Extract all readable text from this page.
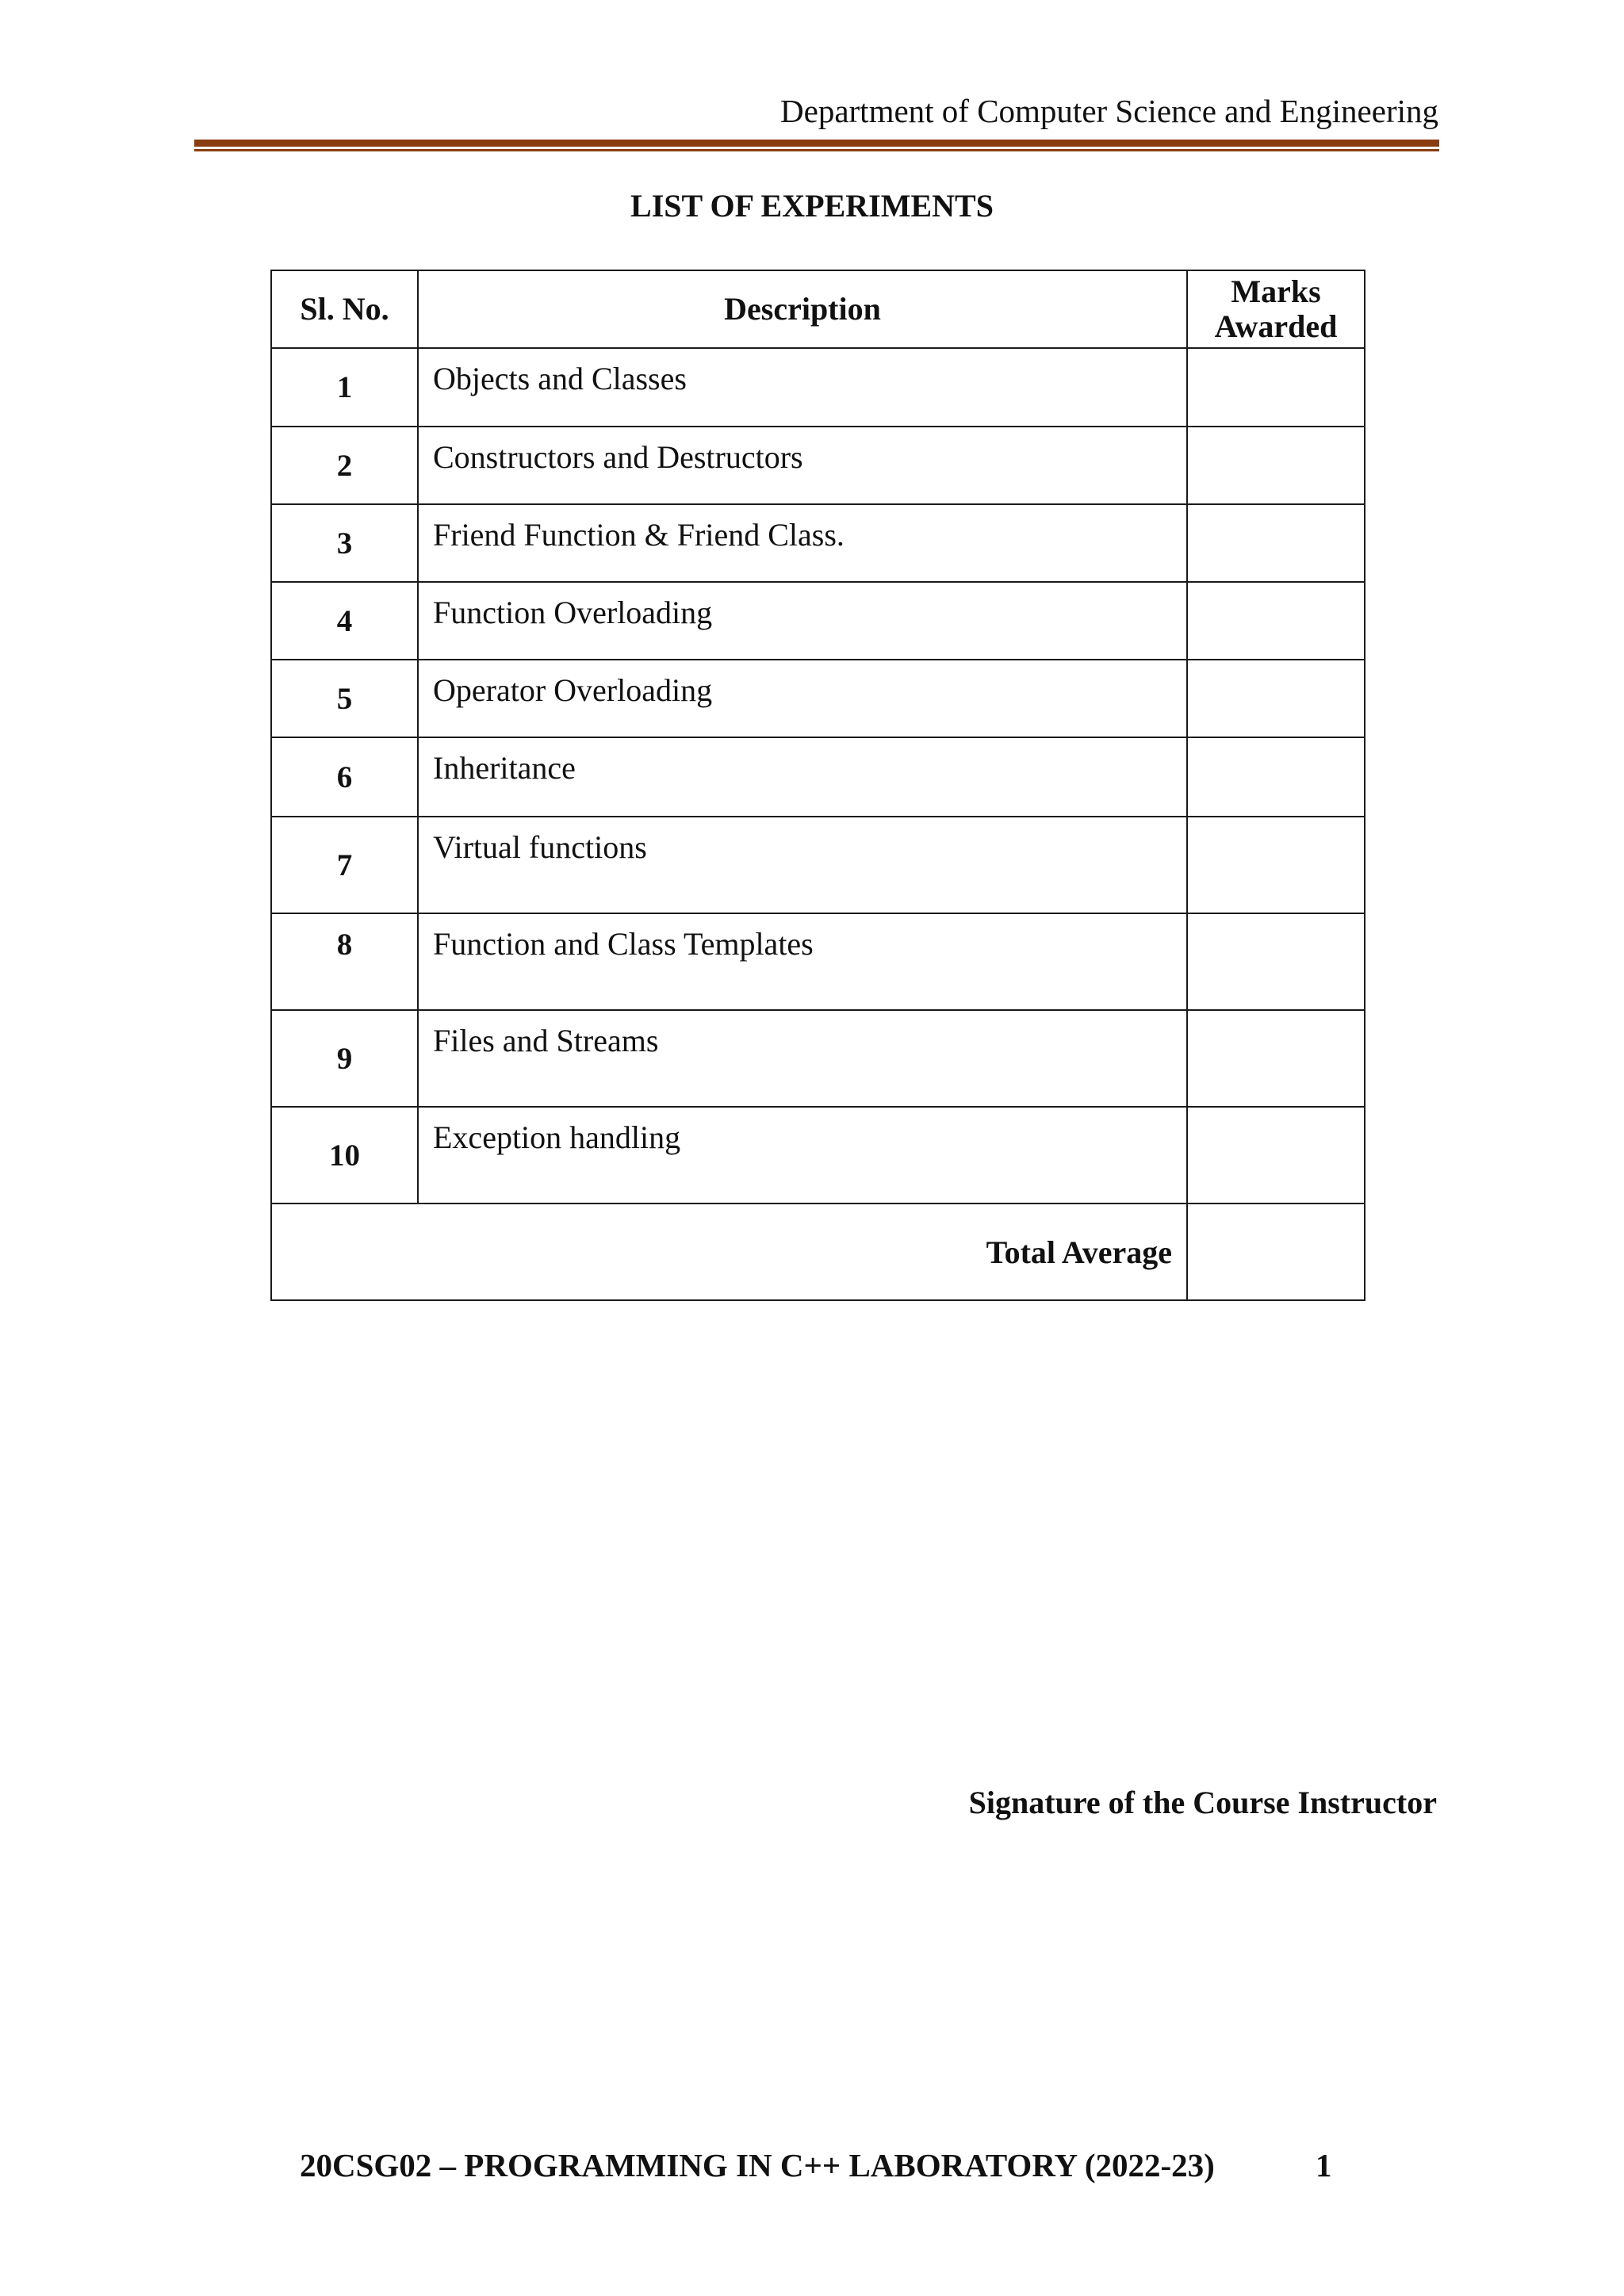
Department of Computer Science and Engineering
LIST OF EXPERIMENTS
Sl. No.	Description	Marks
Awarded
1	Objects and Classes	
2	Constructors and Destructors	
3	Friend Function & Friend Class.	
4	Function Overloading	
5	Operator Overloading	
6	Inheritance	
7	Virtual functions	
8	Function and Class Templates	
9	Files and Streams	
10	Exception handling	
Total Average		
Signature of the Course Instructor
20CSG02 – PROGRAMMING IN C++ LABORATORY (2022-23)	1
